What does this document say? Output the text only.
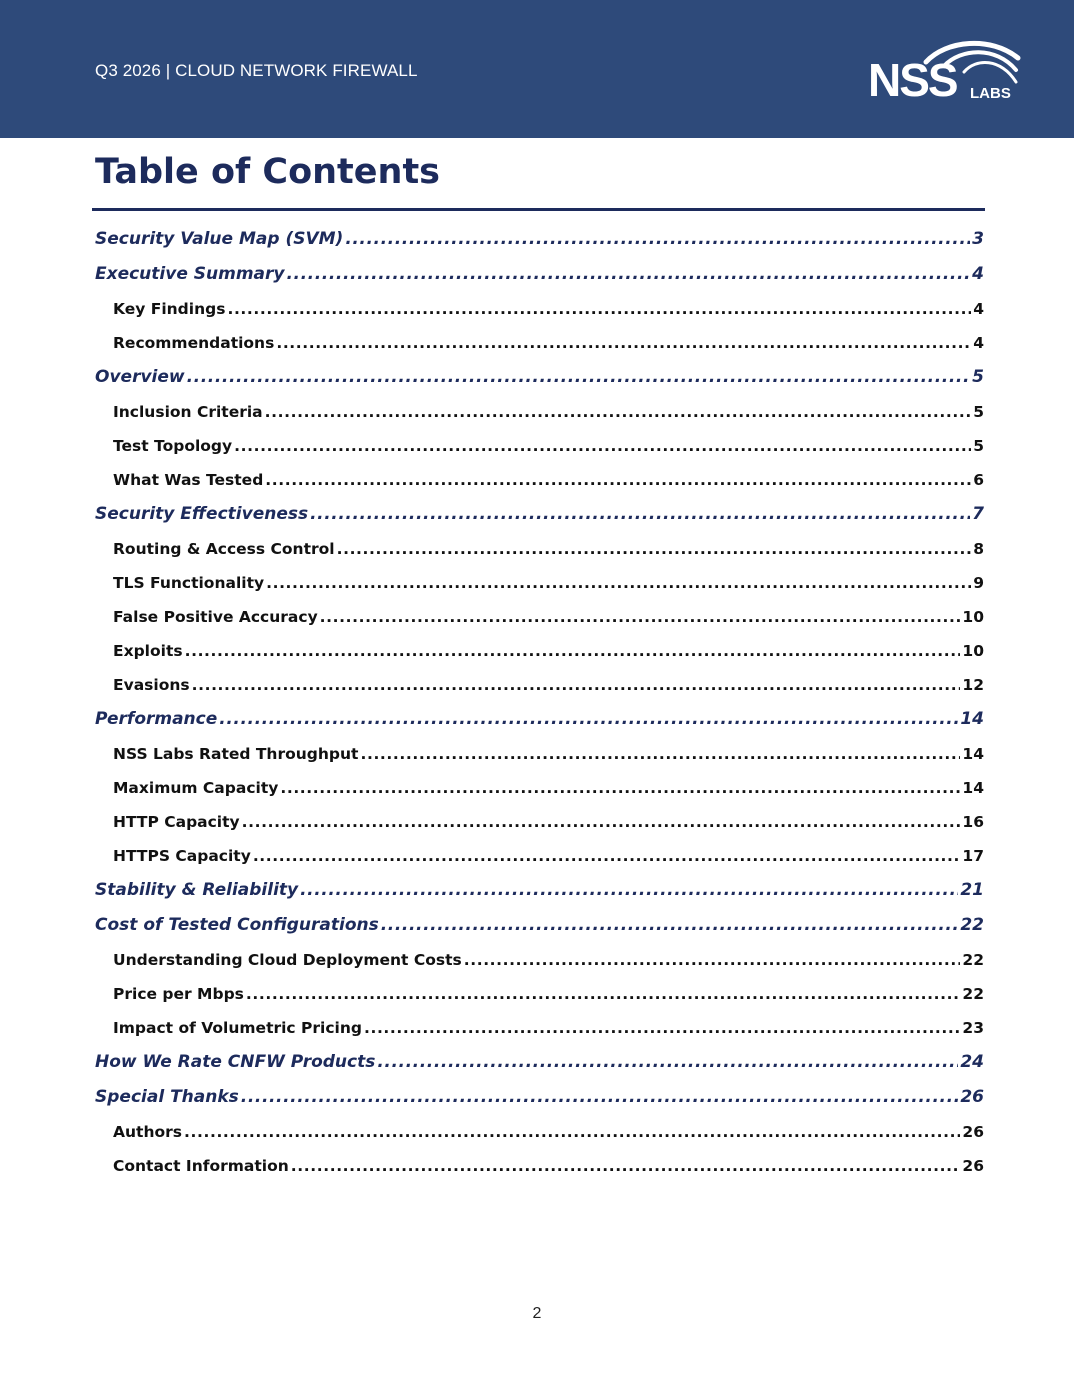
Q3 2026 | CLOUD NETWORK FIREWALL	NSS LABS
Table of Contents
Security Value Map (SVM) .....	3
Executive Summary .....	4
Key Findings .....	4
Recommendations .....	4
Overview .....	5
Inclusion Criteria .....	5
Test Topology .....	5
What Was Tested .....	6
Security Effectiveness .....	7
Routing & Access Control .....	8
TLS Functionality .....	9
False Positive Accuracy .....	10
Exploits .....	10
Evasions .....	12
Performance .....	14
NSS Labs Rated Throughput .....	14
Maximum Capacity .....	14
HTTP Capacity .....	16
HTTPS Capacity .....	17
Stability & Reliability .....	21
Cost of Tested Configurations .....	22
Understanding Cloud Deployment Costs .....	22
Price per Mbps .....	22
Impact of Volumetric Pricing .....	23
How We Rate CNFW Products .....	24
Special Thanks .....	26
Authors .....	26
Contact Information .....	26
2
